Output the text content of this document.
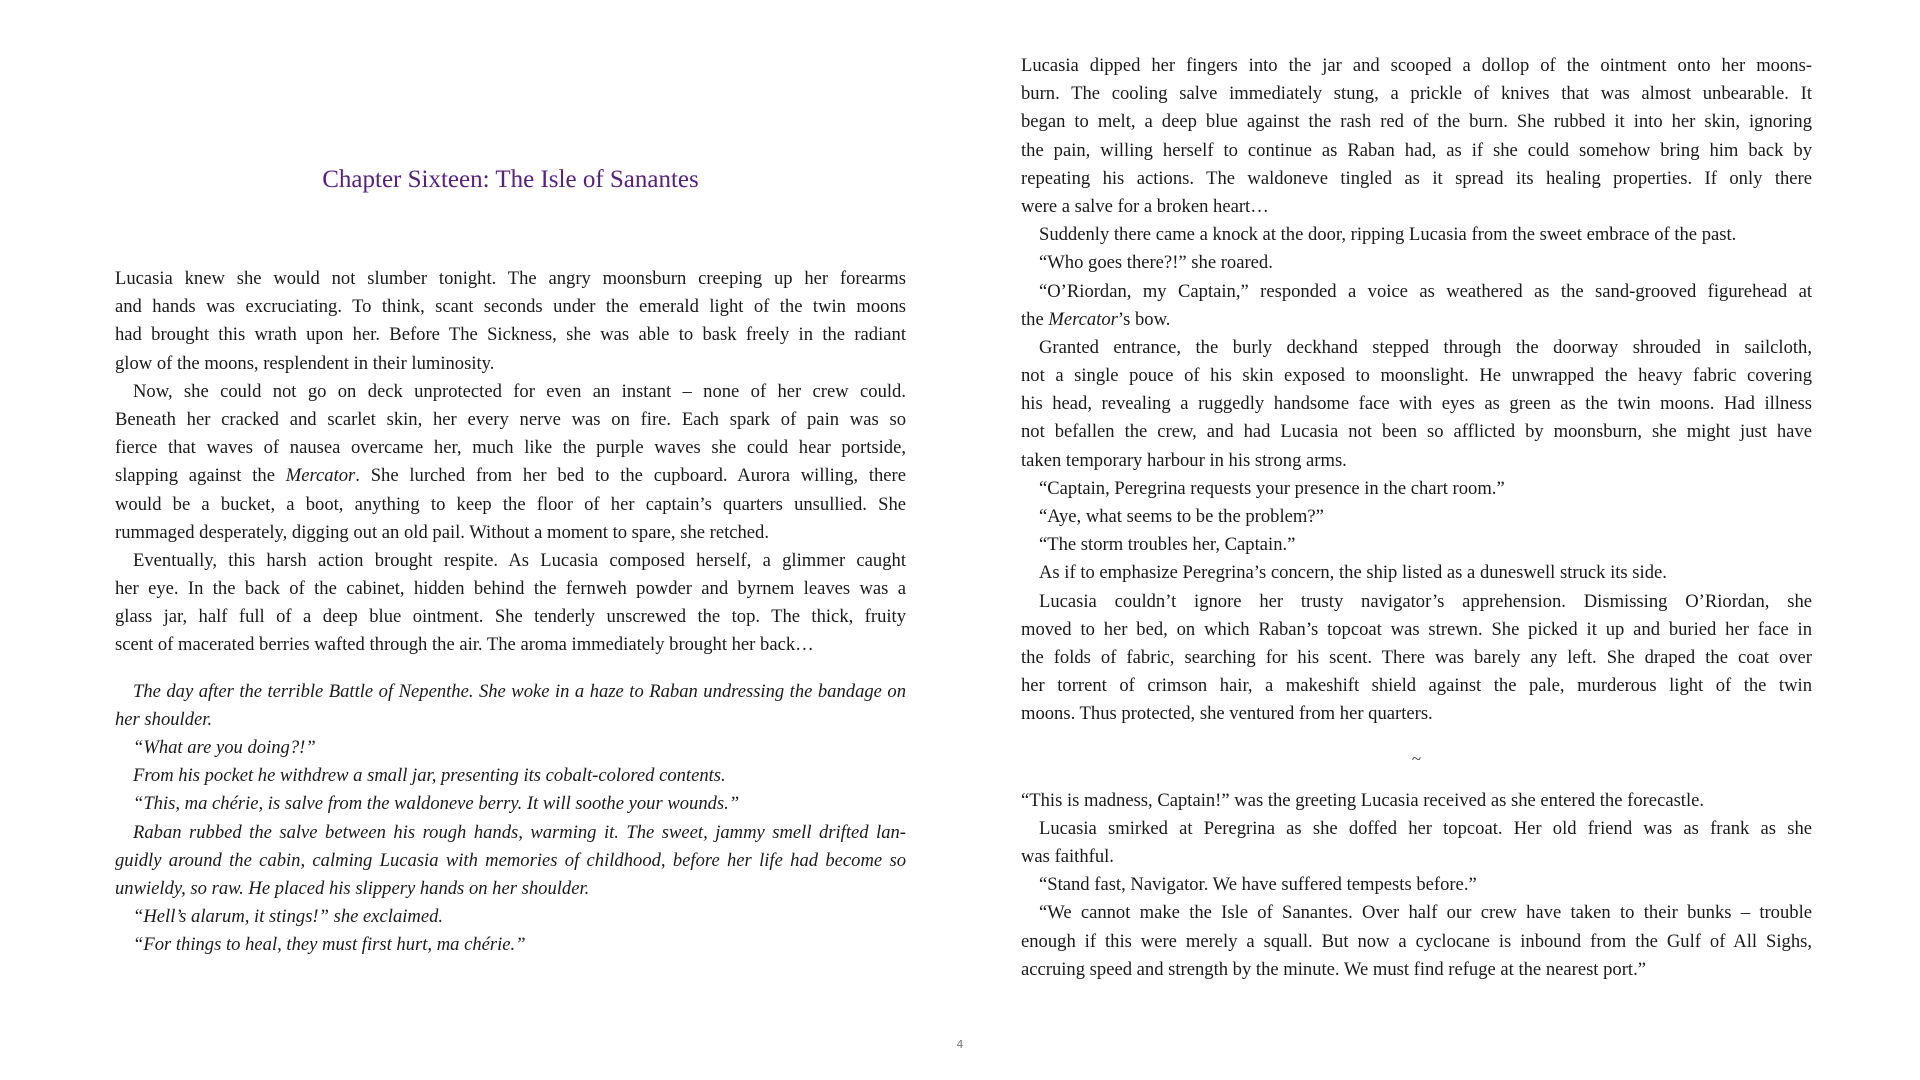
Chapter Sixteen: The Isle of Sanantes
Lucasia knew she would not slumber tonight. The angry moonsburn creeping up her forearms
and hands was excruciating. To think, scant seconds under the emerald light of the twin moons
had brought this wrath upon her. Before The Sickness, she was able to bask freely in the radiant
glow of the moons, resplendent in their luminosity.
Now, she could not go on deck unprotected for even an instant – none of her crew could.
Beneath her cracked and scarlet skin, her every nerve was on fire. Each spark of pain was so
fierce that waves of nausea overcame her, much like the purple waves she could hear portside,
slapping against the Mercator. She lurched from her bed to the cupboard. Aurora willing, there
would be a bucket, a boot, anything to keep the floor of her captain’s quarters unsullied. She
rummaged desperately, digging out an old pail. Without a moment to spare, she retched.
Eventually, this harsh action brought respite. As Lucasia composed herself, a glimmer caught
her eye. In the back of the cabinet, hidden behind the fernweh powder and byrnem leaves was a
glass jar, half full of a deep blue ointment. She tenderly unscrewed the top. The thick, fruity
scent of macerated berries wafted through the air. The aroma immediately brought her back…
The day after the terrible Battle of Nepenthe. She woke in a haze to Raban undressing the bandage on
her shoulder.
“What are you doing?!”
From his pocket he withdrew a small jar, presenting its cobalt-colored contents.
“This, ma chérie, is salve from the waldoneve berry. It will soothe your wounds.”
Raban rubbed the salve between his rough hands, warming it. The sweet, jammy smell drifted lan-
guidly around the cabin, calming Lucasia with memories of childhood, before her life had become so
unwieldy, so raw. He placed his slippery hands on her shoulder.
“Hell’s alarum, it stings!” she exclaimed.
“For things to heal, they must first hurt, ma chérie.”
Lucasia dipped her fingers into the jar and scooped a dollop of the ointment onto her moons-
burn. The cooling salve immediately stung, a prickle of knives that was almost unbearable. It
began to melt, a deep blue against the rash red of the burn. She rubbed it into her skin, ignoring
the pain, willing herself to continue as Raban had, as if she could somehow bring him back by
repeating his actions. The waldoneve tingled as it spread its healing properties. If only there
were a salve for a broken heart…
Suddenly there came a knock at the door, ripping Lucasia from the sweet embrace of the past.
“Who goes there?!” she roared.
“O’Riordan, my Captain,” responded a voice as weathered as the sand-grooved figurehead at
the Mercator’s bow.
Granted entrance, the burly deckhand stepped through the doorway shrouded in sailcloth,
not a single pouce of his skin exposed to moonslight. He unwrapped the heavy fabric covering
his head, revealing a ruggedly handsome face with eyes as green as the twin moons. Had illness
not befallen the crew, and had Lucasia not been so afflicted by moonsburn, she might just have
taken temporary harbour in his strong arms.
“Captain, Peregrina requests your presence in the chart room.”
“Aye, what seems to be the problem?”
“The storm troubles her, Captain.”
As if to emphasize Peregrina’s concern, the ship listed as a duneswell struck its side.
Lucasia couldn’t ignore her trusty navigator’s apprehension. Dismissing O’Riordan, she
moved to her bed, on which Raban’s topcoat was strewn. She picked it up and buried her face in
the folds of fabric, searching for his scent. There was barely any left. She draped the coat over
her torrent of crimson hair, a makeshift shield against the pale, murderous light of the twin
moons. Thus protected, she ventured from her quarters.
~
“This is madness, Captain!” was the greeting Lucasia received as she entered the forecastle.
Lucasia smirked at Peregrina as she doffed her topcoat. Her old friend was as frank as she
was faithful.
“Stand fast, Navigator. We have suffered tempests before.”
“We cannot make the Isle of Sanantes. Over half our crew have taken to their bunks – trouble
enough if this were merely a squall. But now a cyclocane is inbound from the Gulf of All Sighs,
accruing speed and strength by the minute. We must find refuge at the nearest port.”
4
